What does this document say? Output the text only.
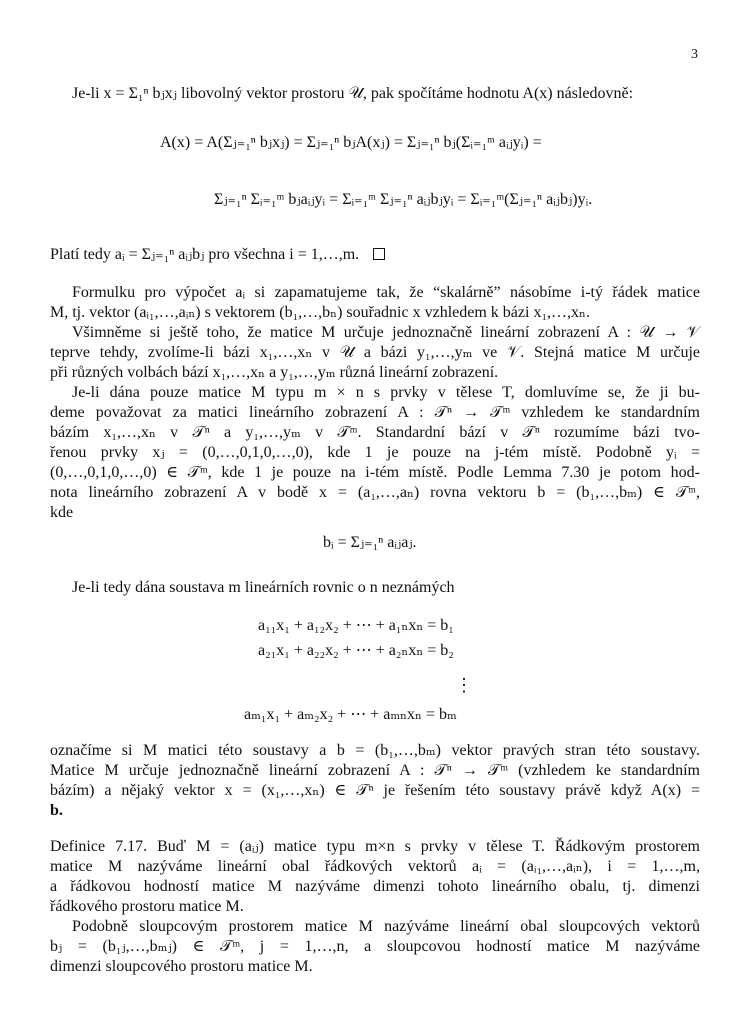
3
Je-li x = Σ₁ⁿ bⱼxⱼ libovolný vektor prostoru 𝒰, pak spočítáme hodnotu A(x) následovně:
A(x) = A(Σⱼ₌₁ⁿ bⱼxⱼ) = Σⱼ₌₁ⁿ bⱼA(xⱼ) = Σⱼ₌₁ⁿ bⱼ(Σᵢ₌₁ᵐ aᵢⱼyᵢ) =
Σⱼ₌₁ⁿ Σᵢ₌₁ᵐ bⱼaᵢⱼyᵢ = Σᵢ₌₁ᵐ Σⱼ₌₁ⁿ aᵢⱼbⱼyᵢ = Σᵢ₌₁ᵐ(Σⱼ₌₁ⁿ aᵢⱼbⱼ)yᵢ.
Platí tedy aᵢ = Σⱼ₌₁ⁿ aᵢⱼbⱼ pro všechna i = 1,…,m.
Formulku pro výpočet aᵢ si zapamatujeme tak, že “skalárně” násobíme i-tý řádek matice
M, tj. vektor (aᵢ₁,…,aᵢₙ) s vektorem (b₁,…,bₙ) souřadnic x vzhledem k bázi x₁,…,xₙ.
Všimněme si ještě toho, že matice M určuje jednoznačně lineární zobrazení A : 𝒰 → 𝒱
teprve tehdy, zvolíme-li bázi x₁,…,xₙ v 𝒰 a bázi y₁,…,yₘ ve 𝒱. Stejná matice M určuje
při různých volbách bází x₁,…,xₙ a y₁,…,yₘ různá lineární zobrazení.
Je-li dána pouze matice M typu m × n s prvky v tělese T, domluvíme se, že ji bu-
deme považovat za matici lineárního zobrazení A : 𝒯ⁿ → 𝒯ᵐ vzhledem ke standardním
bázím x₁,…,xₙ v 𝒯ⁿ a y₁,…,yₘ v 𝒯ᵐ. Standardní bází v 𝒯ⁿ rozumíme bázi tvo-
řenou prvky xⱼ = (0,…,0,1,0,…,0), kde 1 je pouze na j-tém místě. Podobně yᵢ =
(0,…,0,1,0,…,0) ∈ 𝒯ᵐ, kde 1 je pouze na i-tém místě. Podle Lemma 7.30 je potom hod-
nota lineárního zobrazení A v bodě x = (a₁,…,aₙ) rovna vektoru b = (b₁,…,bₘ) ∈ 𝒯ᵐ,
kde
bᵢ = Σⱼ₌₁ⁿ aᵢⱼaⱼ.
Je-li tedy dána soustava m lineárních rovnic o n neznámých
a₁₁x₁ + a₁₂x₂ + ⋯ + a₁ₙxₙ = b₁
a₂₁x₁ + a₂₂x₂ + ⋯ + a₂ₙxₙ = b₂
⋮
aₘ₁x₁ + aₘ₂x₂ + ⋯ + aₘₙxₙ = bₘ
označíme si M matici této soustavy a b = (b₁,…,bₘ) vektor pravých stran této soustavy.
Matice M určuje jednoznačně lineární zobrazení A : 𝒯ⁿ → 𝒯ᵐ (vzhledem ke standardním
bázím) a nějaký vektor x = (x₁,…,xₙ) ∈ 𝒯ⁿ je řešením této soustavy právě když A(x) =
b.
Definice 7.17. Buď M = (aᵢⱼ) matice typu m×n s prvky v tělese T. Řádkovým prostorem
matice M nazýváme lineární obal řádkových vektorů aᵢ = (aᵢ₁,…,aᵢₙ), i = 1,…,m,
a řádkovou hodností matice M nazýváme dimenzi tohoto lineárního obalu, tj. dimenzi
řádkového prostoru matice M.
Podobně sloupcovým prostorem matice M nazýváme lineární obal sloupcových vektorů
bⱼ = (b₁ⱼ,…,bₘⱼ) ∈ 𝒯ᵐ, j = 1,…,n, a sloupcovou hodností matice M nazýváme
dimenzi sloupcového prostoru matice M.
